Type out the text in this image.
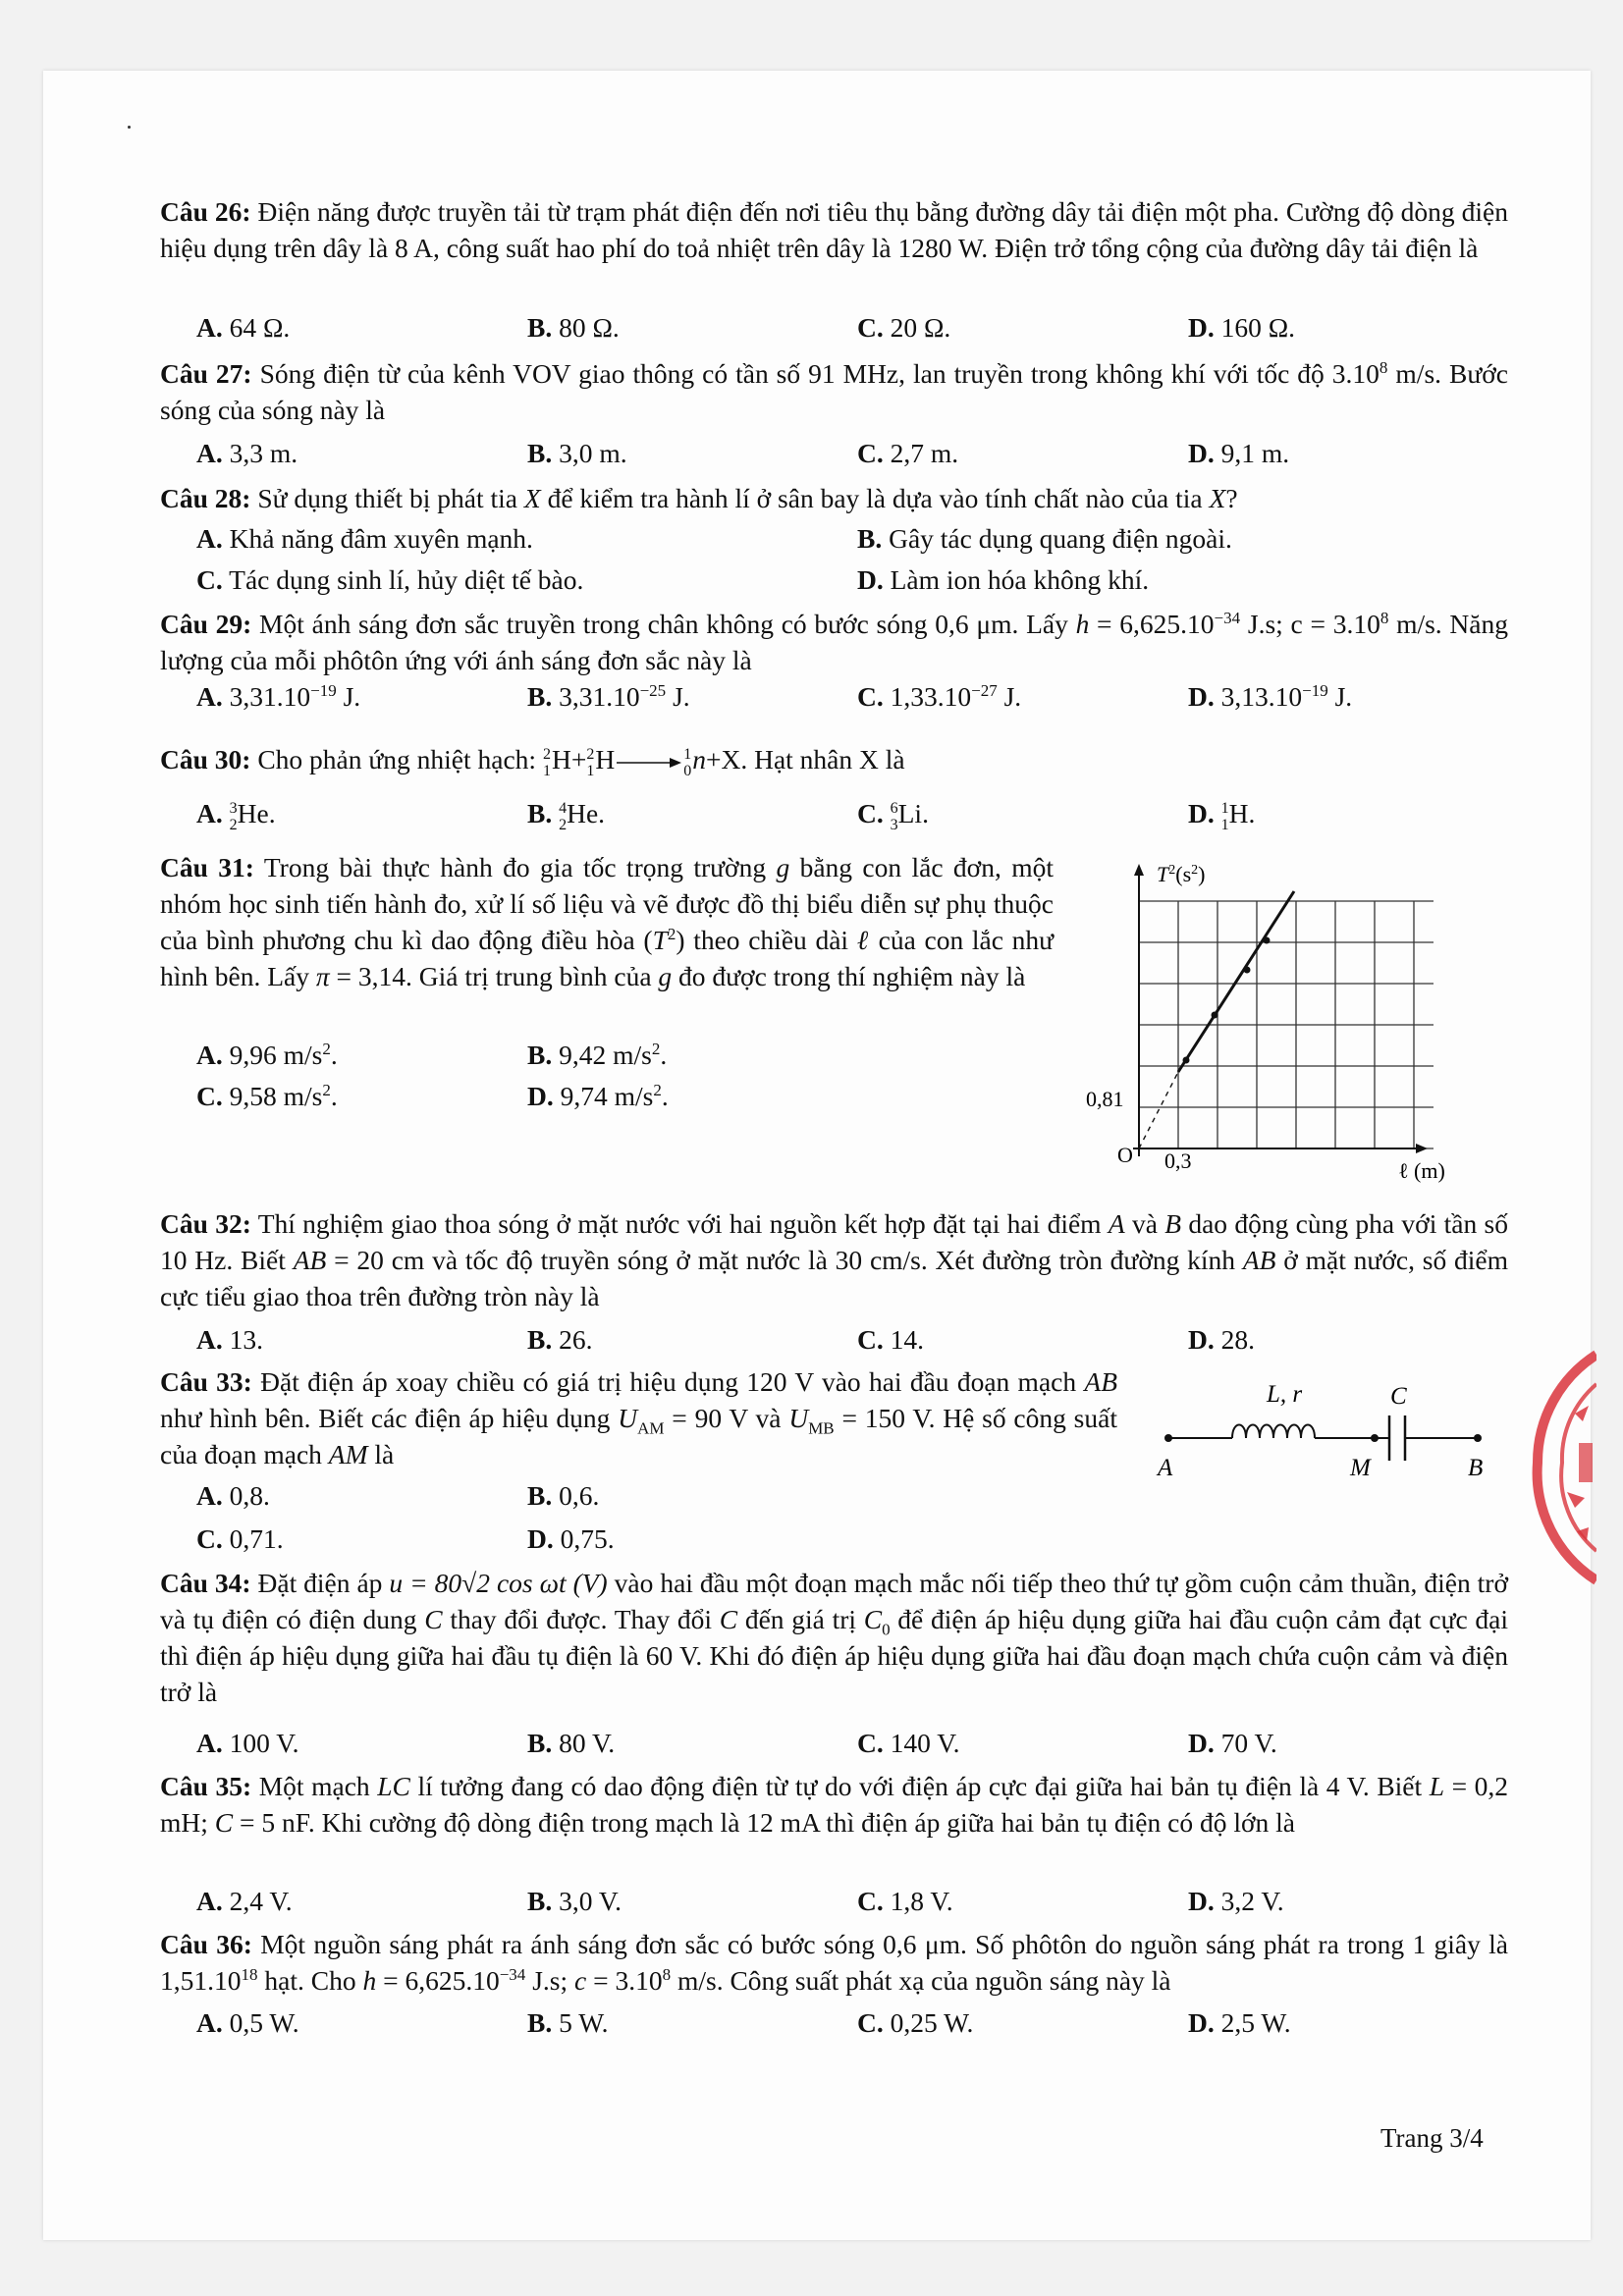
Câu 26: Điện năng được truyền tải từ trạm phát điện đến nơi tiêu thụ bằng đường dây tải điện một pha. Cường độ dòng điện hiệu dụng trên dây là 8 A, công suất hao phí do toả nhiệt trên dây là 1280 W. Điện trở tổng cộng của đường dây tải điện là
A. 64 Ω.	B. 80 Ω.	C. 20 Ω.	D. 160 Ω.
Câu 27: Sóng điện từ của kênh VOV giao thông có tần số 91 MHz, lan truyền trong không khí với tốc độ 3.10$^8$ m/s. Bước sóng của sóng này là
A. 3,3 m.	B. 3,0 m.	C. 2,7 m.	D. 9,1 m.
Câu 28: Sử dụng thiết bị phát tia X để kiểm tra hành lí ở sân bay là dựa vào tính chất nào của tia X?
A. Khả năng đâm xuyên mạnh.	B. Gây tác dụng quang điện ngoài.
C. Tác dụng sinh lí, hủy diệt tế bào.	D. Làm ion hóa không khí.
Câu 29: Một ánh sáng đơn sắc truyền trong chân không có bước sóng 0,6 μm. Lấy $h = 6,625.10^{-34}$ J.s; $c = 3.10^8$ m/s. Năng lượng của mỗi phôtôn ứng với ánh sáng đơn sắc này là
A. $3,31.10^{-19}$ J.	B. $3,31.10^{-25}$ J.	C. $1,33.10^{-27}$ J.	D. $3,13.10^{-19}$ J.
Câu 30: Cho phản ứng nhiệt hạch: 2
1 H+ 2
1 H→ 1
0 n+X. Hạt nhân X là
A. 3
2 He.	B. 4
2 He.	C. 6
3 Li.	D. 1
1 H.
Câu 31: Trong bài thực hành đo gia tốc trọng trường g bằng con lắc đơn, một nhóm học sinh tiến hành đo, xử lí số liệu và vẽ được đồ thị biểu diễn sự phụ thuộc của bình phương chu kì dao động điều hòa $(T^2)$ theo chiều dài ℓ của con lắc như hình bên. Lấy π = 3,14. Giá trị trung bình của g đo được trong thí nghiệm này là
A. 9,96 $m/s^2$.	B. 9,42 $m/s^2$.
C. 9,58 $m/s^2$.	D. 9,74 $m/s^2$.
$T^2(s^2)$
0,81
O 0,3	ℓ (m)
Câu 32: Thí nghiệm giao thoa sóng ở mặt nước với hai nguồn kết hợp đặt tại hai điểm A và B dao động cùng pha với tần số 10 Hz. Biết AB = 20 cm và tốc độ truyền sóng ở mặt nước là 30 cm/s. Xét đường tròn đường kính AB ở mặt nước, số điểm cực tiểu giao thoa trên đường tròn này là
A. 13.	B. 26.	C. 14.	D. 28.
Câu 33: Đặt điện áp xoay chiều có giá trị hiệu dụng 120 V vào hai đầu đoạn mạch AB như hình bên. Biết các điện áp hiệu dụng $U_{AM} = 90$ V và $U_{MB} = 150$ V. Hệ số công suất của đoạn mạch AM là
A. 0,8.	B. 0,6.
C. 0,71.	D. 0,75.
L, r	C
A	M	B
Câu 34: Đặt điện áp u = 80√2 cos ωt (V) vào hai đầu một đoạn mạch mắc nối tiếp theo thứ tự gồm cuộn cảm thuần, điện trở và tụ điện có điện dung C thay đổi được. Thay đổi C đến giá trị $C_0$ để điện áp hiệu dụng giữa hai đầu cuộn cảm đạt cực đại thì điện áp hiệu dụng giữa hai đầu tụ điện là 60 V. Khi đó điện áp hiệu dụng giữa hai đầu đoạn mạch chứa cuộn cảm và điện trở là
A. 100 V.	B. 80 V.	C. 140 V.	D. 70 V.
Câu 35: Một mạch LC lí tưởng đang có dao động điện từ tự do với điện áp cực đại giữa hai bản tụ điện là 4 V. Biết L = 0,2 mH; C = 5 nF. Khi cường độ dòng điện trong mạch là 12 mA thì điện áp giữa hai bản tụ điện có độ lớn là
A. 2,4 V.	B. 3,0 V.	C. 1,8 V.	D. 3,2 V.
Câu 36: Một nguồn sáng phát ra ánh sáng đơn sắc có bước sóng 0,6 μm. Số phôtôn do nguồn sáng phát ra trong 1 giây là 1,51.10$^{18}$ hạt. Cho $h = 6,625.10^{-34}$ J.s; $c = 3.10^8$ m/s. Công suất phát xạ của nguồn sáng này là
A. 0,5 W.	B. 5 W.	C. 0,25 W.	D. 2,5 W.
Trang 3/4
